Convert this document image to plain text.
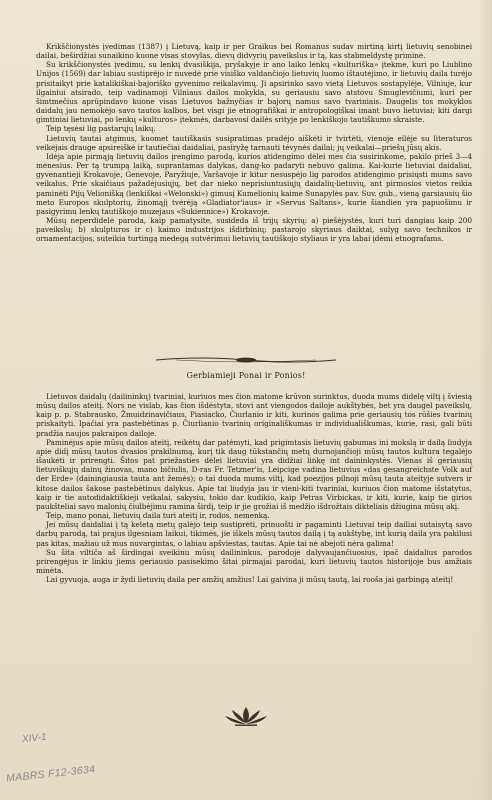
Krikščionystės įvedimas (1387) į Lietuvą, kaip ir per Graikus bei Romanus sudav mirtiną kirtį lietuvių senobinei dailai, beširdžiai sunaikino kuone visas stovylas, dievų didvyrių paveikslus ir tą, kas stabmeldystę priminė.

Su krikščionystės įvedimu, su lenkų dvasiškija, pryšakyje ir ano laiko lenkų «kulturiška» įtekme, kuri po Liublino Unijos (1569) dar labiau sustiprėjo ir nuvedė prie visiško valdančiojo lietuvių luomo ištautėjimo, ir lietuvių daila turėjo prisitaikyt prie katalikiškai-bajoriško gyvenimo reikalavimų. Ji apsirinko savo vietą Lietuvos sostapylėje, Vilniuje, kur ilgainiui atsirado, teip vadinamoji Vilniaus dailos mokykla, su geriausiu savo atstovu Smuglevičiumi, kuri per šimtmečius aprūpindavo kuone visas Lietuvos bažnyčias ir bajorų namus savo tvariniais. Daugelis tos mokyklos daidalų jau nemokėjo savo tautos kalbos, bet visgi jie etnografiškai ir antropologiškai imant buvo lietuviai; kiti dargi gimtiniai lietuviai, po lenkų «kulturos» įtekmės, darbavosi dailės srityje po lenkiškojo tautiškumo skraiste.

Teip tęsėsi lig pastarųjų laikų.

Lietuvių tautai atgimus, kuomet tautiškasis susipratimas pradėjo aiškėti ir tvirtėti, vienoje eilėje su literaturos veikėjais drauge apsireiškė ir tautiečiai daidaliai, pasiryžę tarnauti tėvynės dailai; jų veikalai—priešų jūsų akis.

Idėja apie pirmąją lietuvių dailos įrengimo parodą, kurios atidengimo dėlei mes čia susirinkome, pakilo prieš 3—4 mėnesius. Per tą trumpą laiką, suprantamas dalykas, dang-ko padaryti nebuvo galima. Kai-kurie lietuviai daidaliai, gyvenantieji Krokavoje, Genevoje, Paryžiuje, Varšavoje ir kitur nesuspėjo lig parodos atidengimo prisiųsti mums savo veikalus. Prie skaičiaus pažadėjusiųjų, bet dar nieko neprisiuntusiųjų daidalių-lietuvių, ant pirmosios vietos reikia paminėti Pijų Velionišką (lenkiškai «Welonski») gimusį Kumelionių kaime Sunapylės pav. Suv. gub., vieną garsiausių šio meto Europos skulptorių, žinomąjį tvėrėją «Gladiator'iaus» ir «Servus Saltans», kurie šiandien yra papuošimu ir pasigyrimu lenkų tautiškojo muzejaus «Sukiennice») Krokavoje.

Mūsų neperdidelė paroda, kaip pamatysite, susideda iš trijų skyrių: a) piešėjystės, kuri turi dangiau kaip 200 paveikslų; b) skulpturos ir c) kaimo industrijos išdirbinių; pastarojo skyriaus daiktai, sulyg savo technikos ir ornamentacijos, suteikia turtingą medegą sutvėrimui lietuvių tautiškojo styliaus ir yra labai įdėmi etnografams.

Gerbiamieji Ponai ir Ponios!

Lietuvos daidalų (dailininkų) tvariniai, kuriuos mes čion matome krūvon surinktus, duoda mums didelę viltį į šviesią mūsų dailos ateitį. Nors ne vislab, kas čion išdėstyta, stovi ant viengodos dailoje aukštybės, bet yra daugel paveikslų, kaip p. p. Stabrausko, Žmuidzinavičiaus, Piasiacko, Čiurlanio ir kiti, kurinos galima prie geriausių tos rūšies tvarinių priskaityti. Ipačiai yra pastebėtinas p. Čiurlianio tvarinių originališkumas ir individuališkumas, kurie, rasi, gali būti pradžia naujos pakraipos dailoje.

Paminėjus apie mūsų dailos ateitį, reikėtų dar patėmyti, kad prigimtasis lietuvių gabumas ini mokslą ir dailą liudyja apie didį mūsų tautos dvasios prakilnumą, kurį tik daug tūkstančių metų durnojančioji mūsų tautos kultura tegalėjo išaukėti ir prirengti. Šitos pat priežasties dėlei lietuviai yra didžiai linkę int daininkystės. Vienas iš geriausių lietuviškųjų dainų žinovas, mano bičiulis, D-ras Fr. Tetzner'is, Leipcige vadina lietuvius «das gesangreichste Volk auf der Erde» (dainingiausia tauta ant žemės); o tai duoda mums viltį, kad poezijos pilnoji mūsų tauta ateityje sutvers ir kitose dailos šakose pastebėtinus dalykus. Apie tai liudyja jau ir vieni-kiti tvariniai, kuriuos čion matome išstatytus, kaip ir tie autodidaktiškieji veikalai, sakysiu, tokio dar kudikio, kaip Petras Virbickas, ir kiti, kurie, kaip tie girios paukšteliai savo malonių čiulbėjimu ramina širdį, teip ir jie grožiai iš medžio išdrožtais dikteliais džiugina mūsų akį.

Teip, mano ponai, lietuvių daila turi ateitį ir, rodos, nemenką.

Jei mūsų daidaliai į tą keletą metų galėjo teip sustiprėti, prinuošti ir pagaminti Lietuvai teip dailiai sutaisytą savo darbų parodą, tai prajus ilgesniam laikui, tikimės, jie iškels mūsų tautos dailą į tą aukštybę, int kurią daila yra pakilusi pas kitas, mažiau už mus nuvargintas, o labiau apšviestas, tautas. Apie tai nė abejoti nėra galima!

Su šita viltiča aš širdingai sveikinu mūsų dailininkus, parodoje dalyvaujančiuosius, ipač daidalius parodos prirengėjus ir linkiu jiems geriausio pasisekimo šitai pirmajai parodai, kuri lietuvių tautos historijoje bus amžiais minėta.

Lai gyvuoja, auga ir žydi lietuvių daila per amžių amžius! Lai gaivina ji mūsų tautą, lai rooša jai garbingą ateitį!

XIV-1
MABRS F12-3634
